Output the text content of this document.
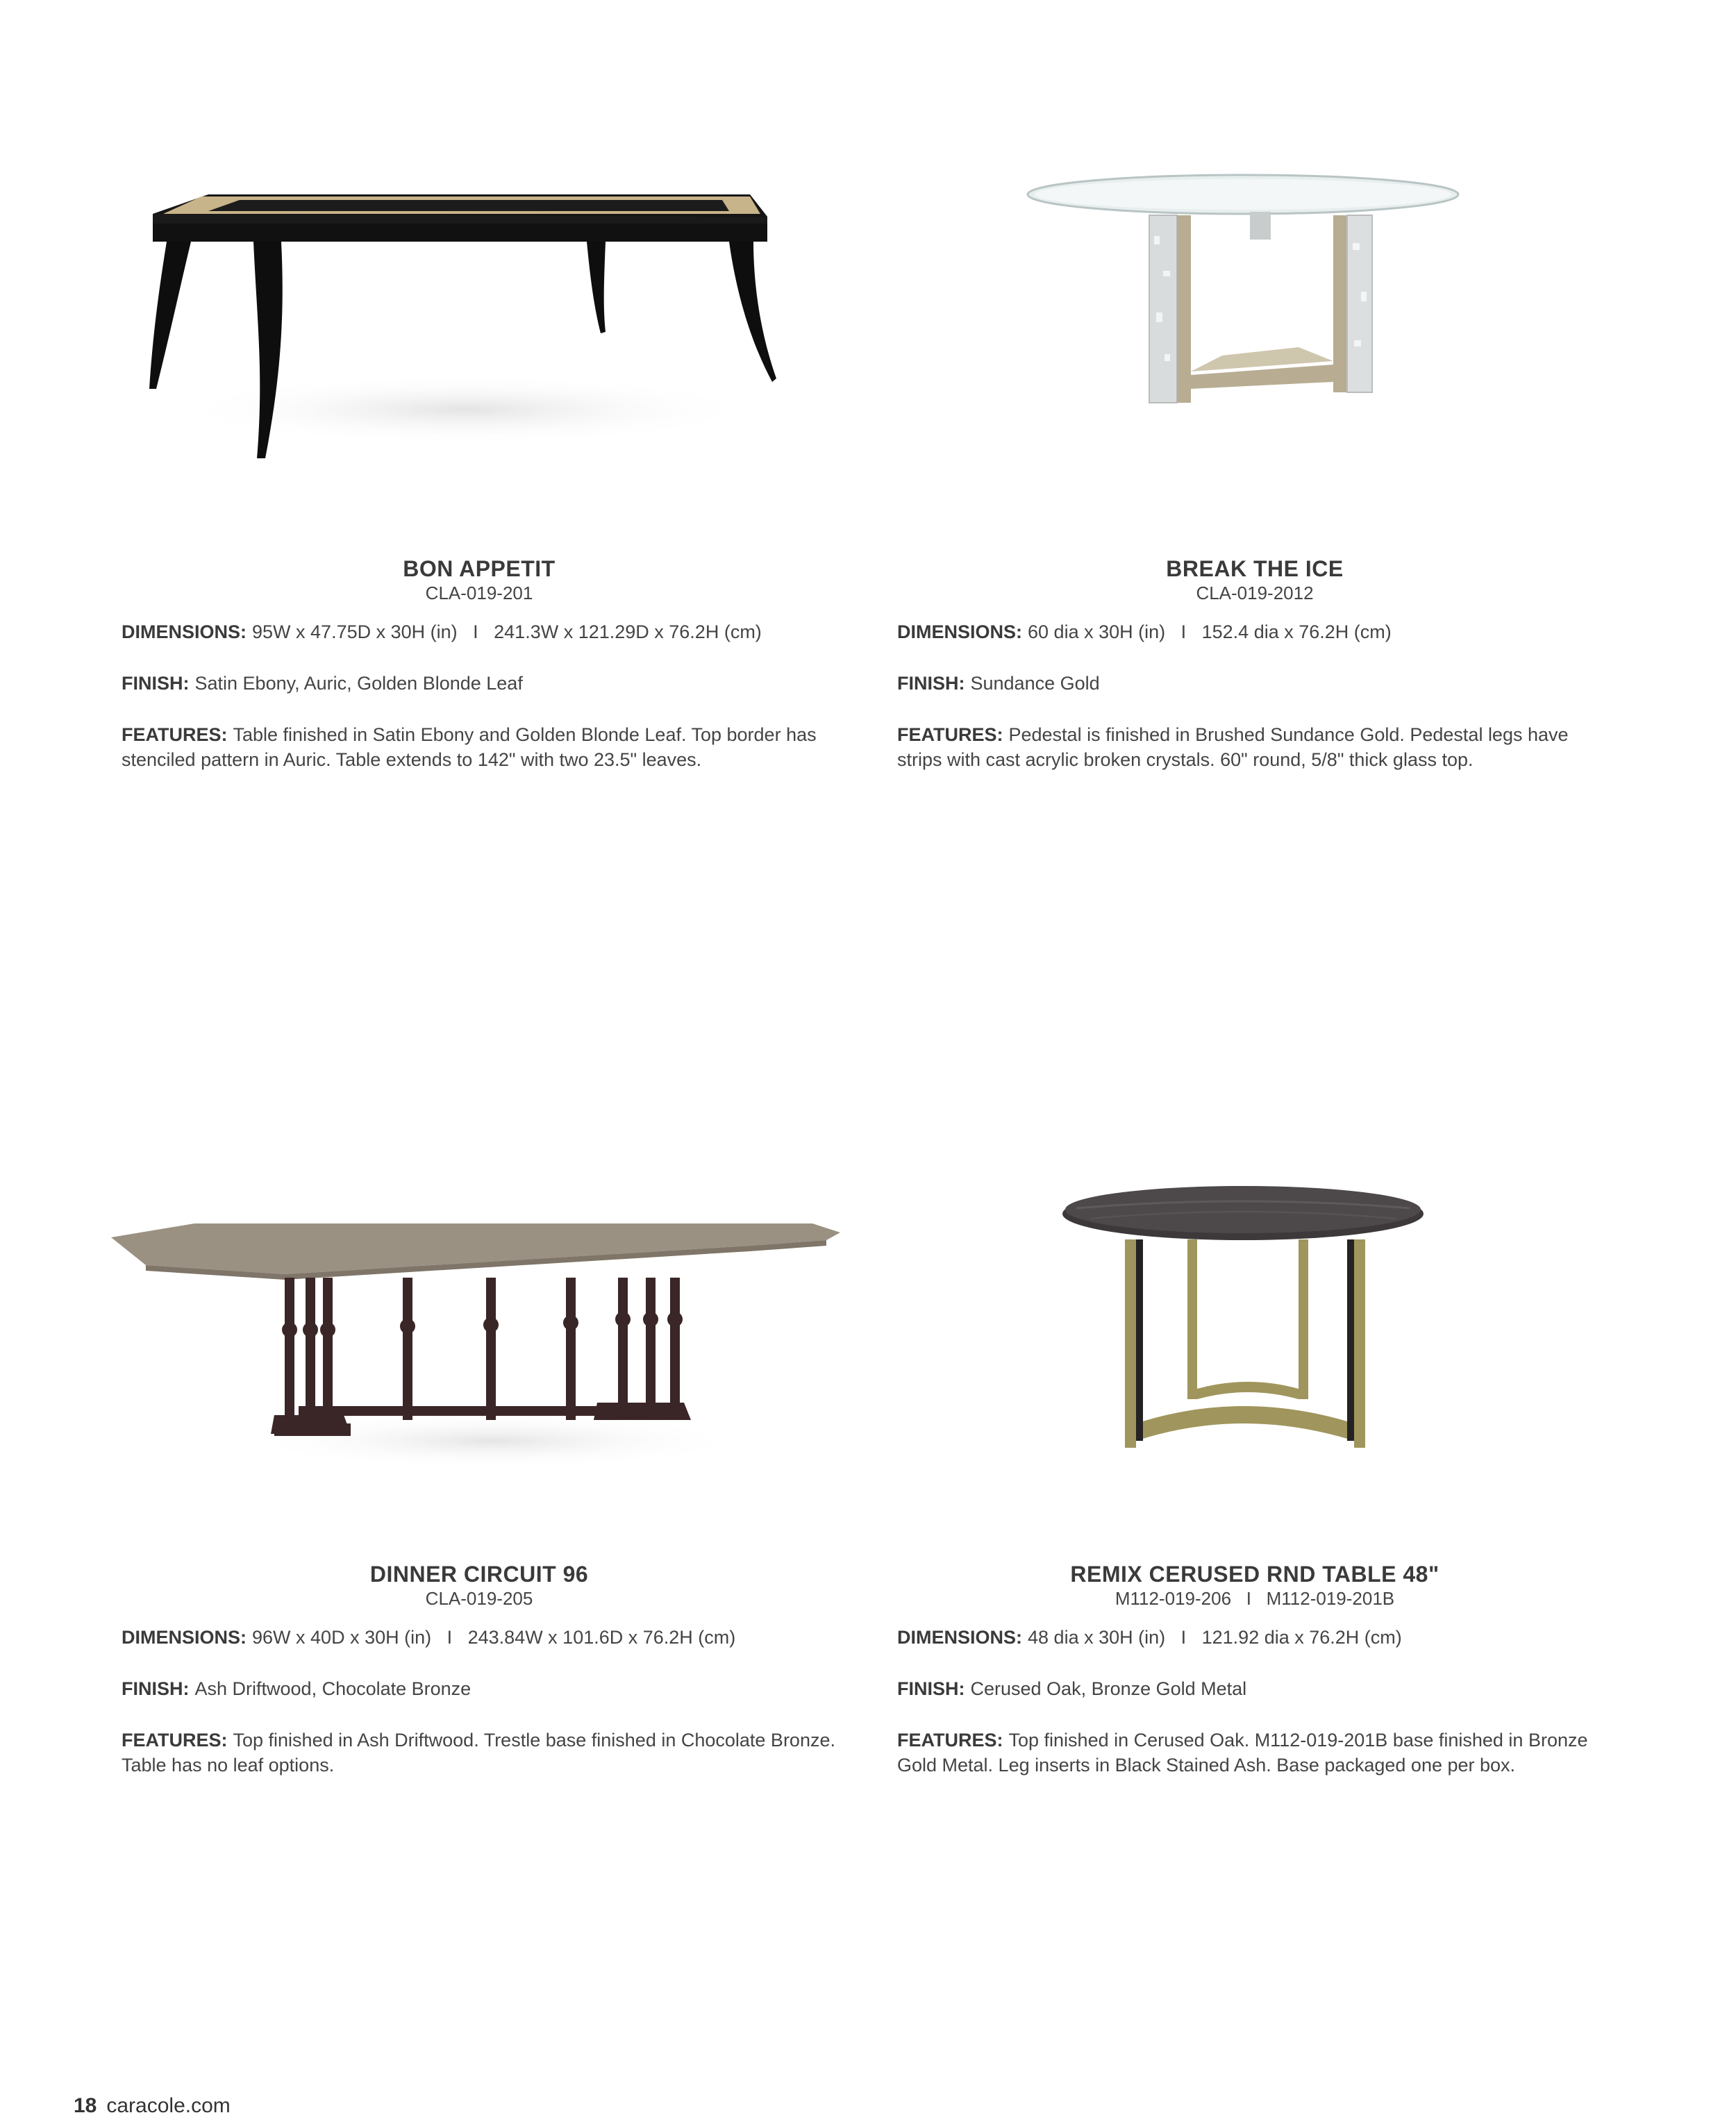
BON APPETIT

CLA-019-201

DIMENSIONS: 95W x 47.75D x 30H (in)   I   241.3W x 121.29D x 76.2H (cm)

FINISH: Satin Ebony, Auric, Golden Blonde Leaf

FEATURES: Table finished in Satin Ebony and Golden Blonde Leaf. Top border has stenciled pattern in Auric. Table extends to 142" with two 23.5" leaves.

BREAK THE ICE

CLA-019-2012

DIMENSIONS: 60 dia x 30H (in)   I   152.4 dia x 76.2H (cm)

FINISH: Sundance Gold

FEATURES: Pedestal is finished in Brushed Sundance Gold. Pedestal legs have strips with cast acrylic broken crystals. 60" round, 5/8" thick glass top.

DINNER CIRCUIT 96

CLA-019-205

DIMENSIONS: 96W x 40D x 30H (in)   I   243.84W x 101.6D x 76.2H (cm)

FINISH: Ash Driftwood, Chocolate Bronze

FEATURES: Top finished in Ash Driftwood. Trestle base finished in Chocolate Bronze. Table has no leaf options.

REMIX CERUSED RND TABLE 48"

M112-019-206   I   M112-019-201B

DIMENSIONS: 48 dia x 30H (in)   I   121.92 dia x 76.2H (cm)

FINISH: Cerused Oak, Bronze Gold Metal

FEATURES: Top finished in Cerused Oak. M112-019-201B base finished in Bronze Gold Metal. Leg inserts in Black Stained Ash. Base packaged one per box.

18 caracole.com
